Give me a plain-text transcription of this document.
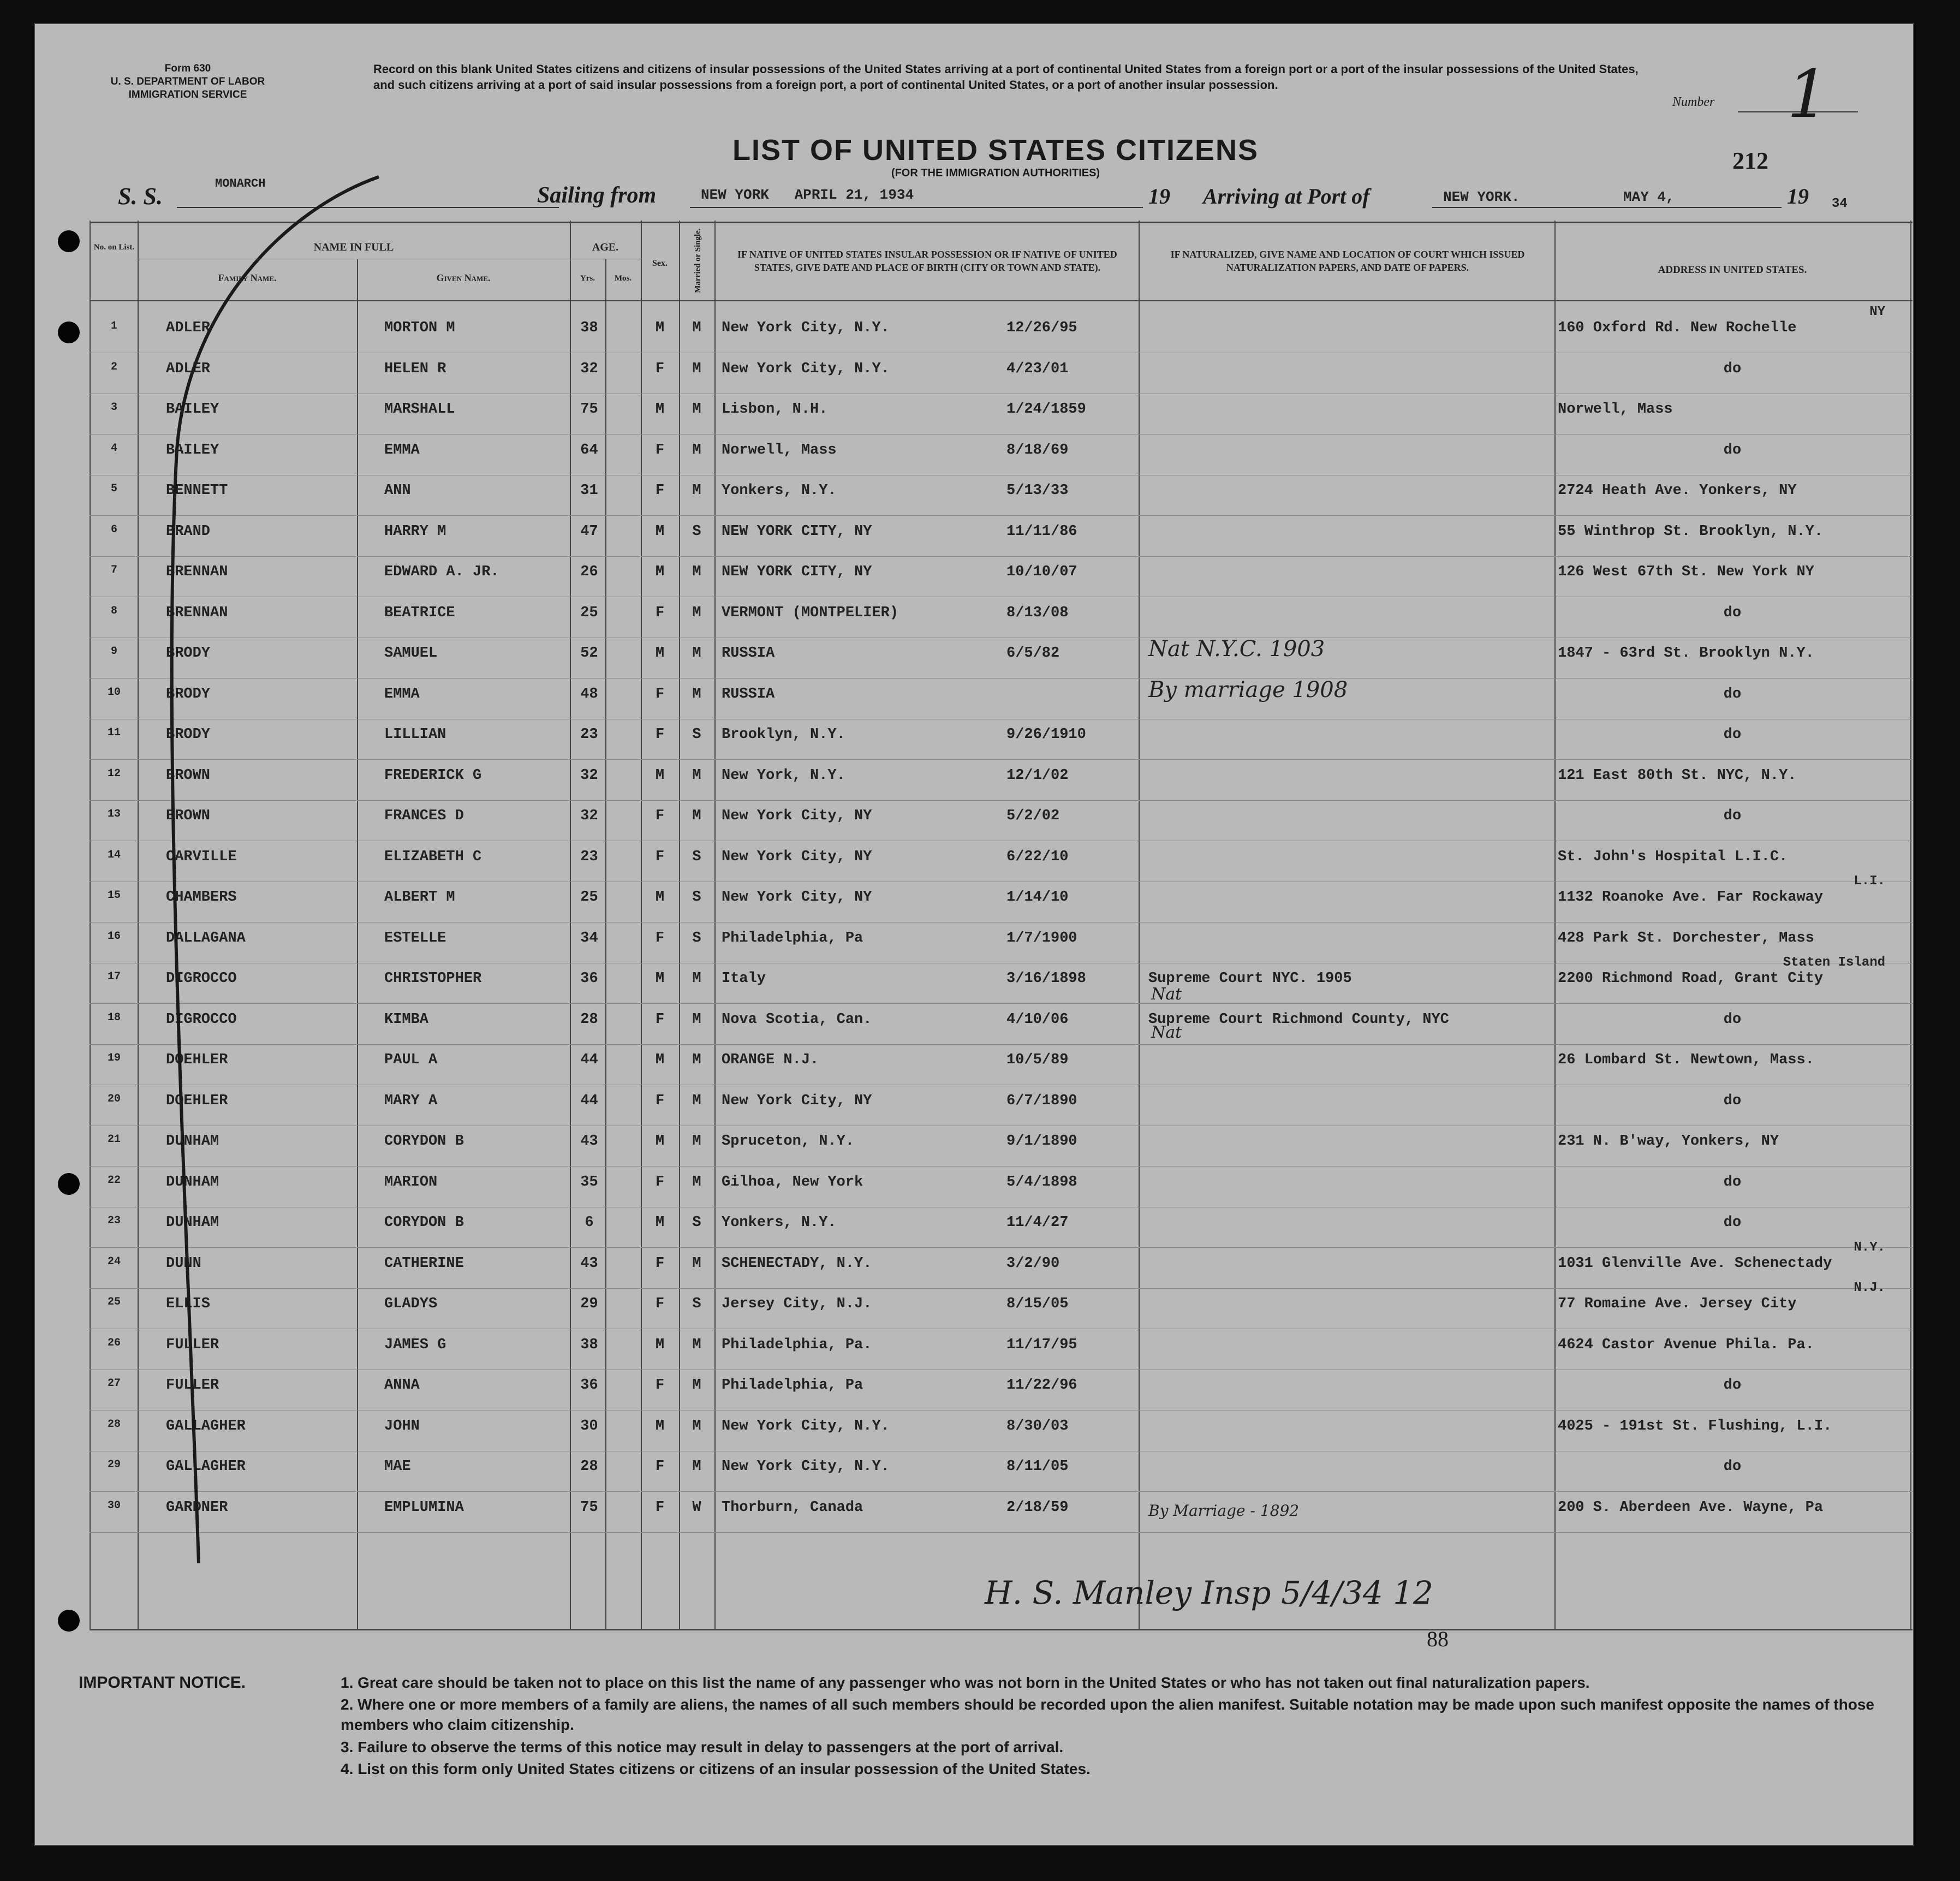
Form 630
U. S. DEPARTMENT OF LABOR
IMMIGRATION SERVICE
Record on this blank United States citizens and citizens of insular possessions of the United States arriving at a port of continental United States from a foreign port or a port of the insular possessions of the United States, and such citizens arriving at a port of said insular possessions from a foreign port, a port of continental United States, or a port of another insular possession.
Number 1
LIST OF UNITED STATES CITIZENS
(FOR THE IMMIGRATION AUTHORITIES)	212
S. S.	MONARCH	Sailing from	NEW YORK   APRIL 21, 1934	19 Arriving at Port of	NEW YORK.	MAY 4,	19 34
No. on List.	NAME IN FULL
Family Name.	Given Name.
AGE.
Yrs.	Mos.
Sex.	Married or Single.	IF NATIVE OF UNITED STATES INSULAR POSSESSION OR IF NATIVE OF UNITED STATES, GIVE DATE AND PLACE OF BIRTH (CITY OR TOWN AND STATE).
IF NATURALIZED, GIVE NAME AND LOCATION OF COURT WHICH ISSUED NATURALIZATION PAPERS, AND DATE OF PAPERS.	ADDRESS IN UNITED STATES.
1	ADLER	MORTON M	38	M	M	New York City, N.Y.	12/26/95	160 Oxford Rd. New Rochelle
NY
2	ADLER	HELEN R	32	F	M	New York City, N.Y.	4/23/01	do
3	BAILEY	MARSHALL	75	M	M	Lisbon, N.H.	1/24/1859	Norwell, Mass
4	BAILEY	EMMA	64	F	M	Norwell, Mass	8/18/69	do
5	BENNETT	ANN	31	F	M	Yonkers, N.Y.	5/13/33	2724 Heath Ave. Yonkers, NY
6	BRAND	HARRY M	47	M	S	NEW YORK CITY, NY	11/11/86	55 Winthrop St. Brooklyn, N.Y.
7	BRENNAN	EDWARD A. JR.	26	M	M	NEW YORK CITY, NY	10/10/07	126 West 67th St. New York NY
8	BRENNAN	BEATRICE	25	F	M	VERMONT (MONTPELIER)	8/13/08	do
9	BRODY	SAMUEL	52	M	M	RUSSIA	6/5/82	Nat N.Y.C. 1903	1847 - 63rd St. Brooklyn N.Y.
10	BRODY	EMMA	48	F	M	RUSSIA	By marriage 1908	do
11	BRODY	LILLIAN	23	F	S	Brooklyn, N.Y.	9/26/1910	do
12	BROWN	FREDERICK G	32	M	M	New York, N.Y.	12/1/02	121 East 80th St. NYC, N.Y.
13	BROWN	FRANCES D	32	F	M	New York City, NY	5/2/02	do
14	CARVILLE	ELIZABETH C	23	F	S	New York City, NY	6/22/10	St. John's Hospital L.I.C.
15	CHAMBERS	ALBERT M	25	M	S	New York City, NY	1/14/10	1132 Roanoke Ave. Far Rockaway
L.I.
16	DALLAGANA	ESTELLE	34	F	S	Philadelphia, Pa	1/7/1900	428 Park St. Dorchester, Mass
17	DIGROCCO	CHRISTOPHER	36	M	M	Italy	3/16/1898	Supreme Court NYC. 1905	2200 Richmond Road, Grant City
Staten Island
18	DIGROCCO	KIMBA	28	F	M	Nova Scotia, Can.	4/10/06	Supreme Court Richmond County, NYC	do
19	DOEHLER	PAUL A	44	M	M	ORANGE N.J.	10/5/89	26 Lombard St. Newtown, Mass.
20	DOEHLER	MARY A	44	F	M	New York City, NY	6/7/1890	do
21	DUNHAM	CORYDON B	43	M	M	Spruceton, N.Y.	9/1/1890	231 N. B'way, Yonkers, NY
22	DUNHAM	MARION	35	F	M	Gilhoa, New York	5/4/1898	do
23	DUNHAM	CORYDON B	6	M	S	Yonkers, N.Y.	11/4/27	do
24	DUNN	CATHERINE	43	F	M	SCHENECTADY, N.Y.	3/2/90	1031 Glenville Ave. Schenectady
N.Y.
25	ELLIS	GLADYS	29	F	S	Jersey City, N.J.	8/15/05	77 Romaine Ave. Jersey City
N.J.
26	FULLER	JAMES G	38	M	M	Philadelphia, Pa.	11/17/95	4624 Castor Avenue Phila. Pa.
27	FULLER	ANNA	36	F	M	Philadelphia, Pa	11/22/96	do
28	GALLAGHER	JOHN	30	M	M	New York City, N.Y.	8/30/03	4025 - 191st St. Flushing, L.I.
29	GALLAGHER	MAE	28	F	M	New York City, N.Y.	8/11/05	do
30	GARDNER	EMPLUMINA	75	F	W	Thorburn, Canada	2/18/59	By Marriage - 1892	200 S. Aberdeen Ave. Wayne, Pa
Nat
Nat
H. S. Manley Insp 5/4/34 12
88
IMPORTANT NOTICE.	1. Great care should be taken not to place on this list the name of any passenger who was not born in the United States or who has not taken out final naturalization papers.
2. Where one or more members of a family are aliens, the names of all such members should be recorded upon the alien manifest. Suitable notation may be made upon such manifest opposite the names of those members who claim citizenship.
3. Failure to observe the terms of this notice may result in delay to passengers at the port of arrival.
4. List on this form only United States citizens or citizens of an insular possession of the United States.
